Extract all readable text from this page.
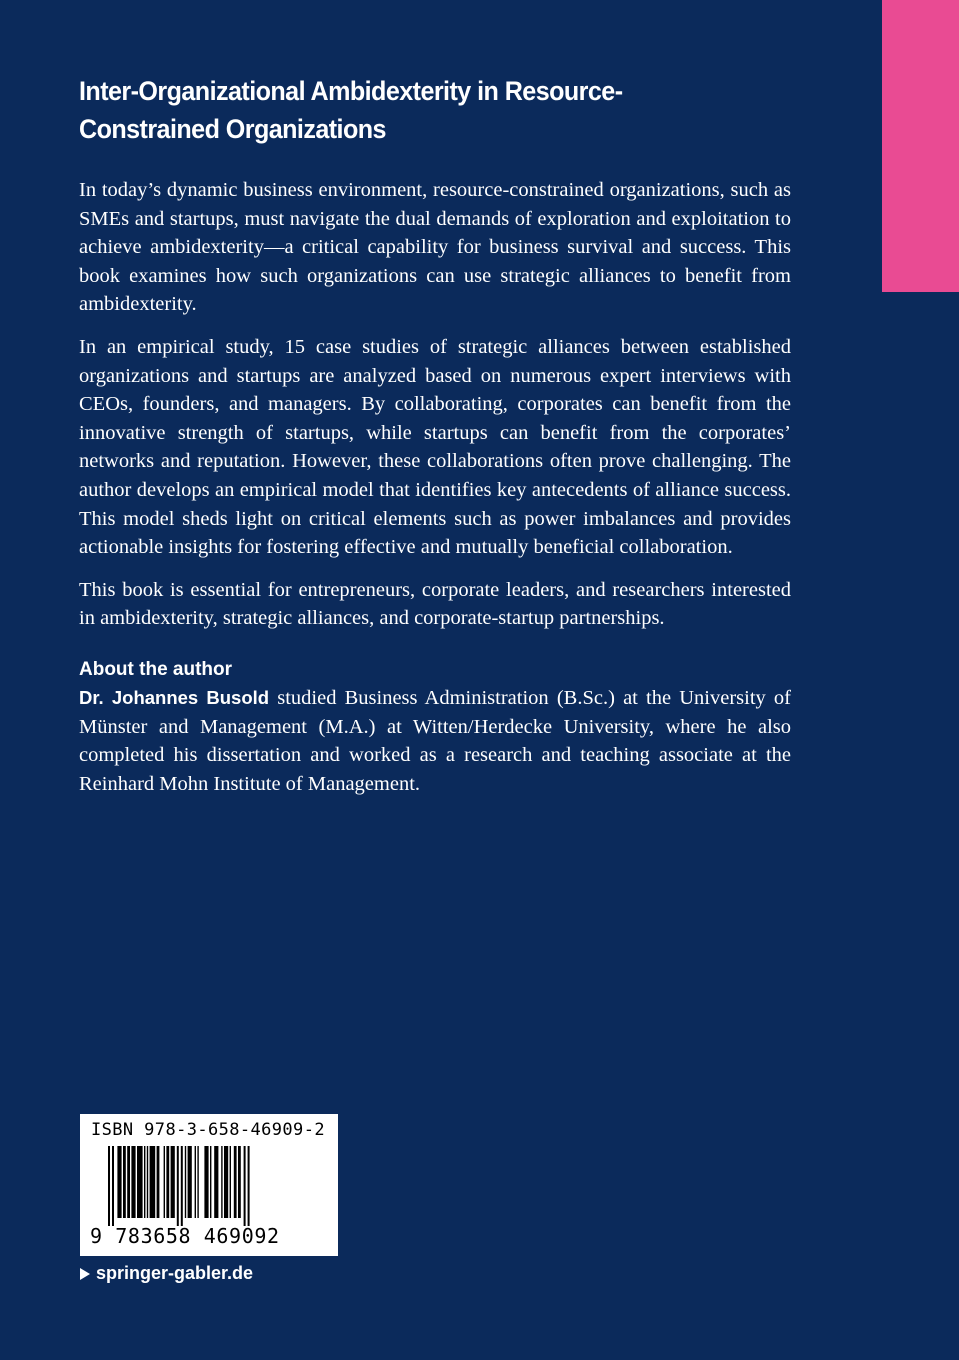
Inter-Organizational Ambidexterity in Resource-Constrained Organizations

In today’s dynamic business environment, resource-constrained organizations, such as SMEs and startups, must navigate the dual demands of exploration and exploitation to achieve ambidexterity—a critical capability for business survival and success. This book examines how such organizations can use strategic alliances to benefit from ambidexterity.

In an empirical study, 15 case studies of strategic alliances between established organizations and startups are analyzed based on numerous expert interviews with CEOs, founders, and managers. By collaborating, corporates can benefit from the innovative strength of startups, while startups can benefit from the corporates’ networks and reputation. However, these collaborations often prove challenging. The author develops an empirical model that identifies key antecedents of alliance success. This model sheds light on critical elements such as power imbalances and provides actionable insights for fostering effective and mutually beneficial collaboration.

This book is essential for entrepreneurs, corporate leaders, and researchers interested in ambidexterity, strategic alliances, and corporate-startup partnerships.

About the author

Dr. Johannes Busold studied Business Administration (B.Sc.) at the University of Münster and Management (M.A.) at Witten/Herdecke University, where he also completed his dissertation and worked as a research and teaching associate at the Reinhard Mohn Institute of Management.

ISBN 978-3-658-46909-2
9 783658 469092
springer-gabler.de
